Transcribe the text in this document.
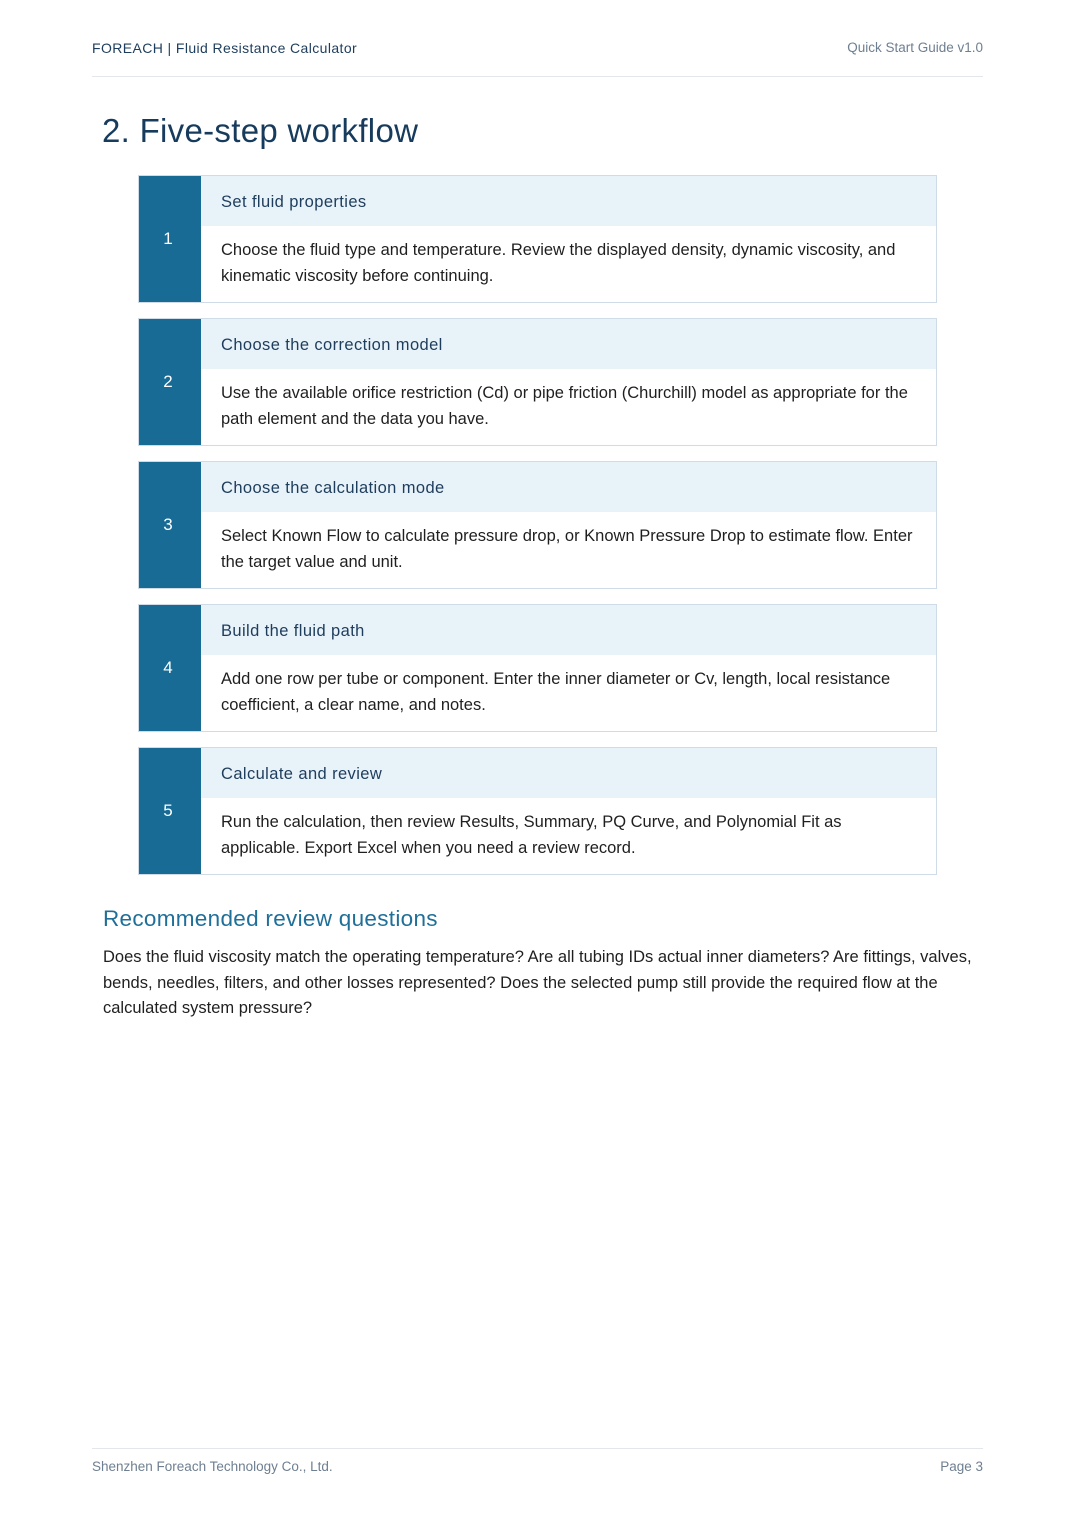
FOREACH | Fluid Resistance Calculator	Quick Start Guide v1.0
2. Five-step workflow
1
Set fluid properties
Choose the fluid type and temperature. Review the displayed density, dynamic viscosity, and kinematic viscosity before continuing.
2
Choose the correction model
Use the available orifice restriction (Cd) or pipe friction (Churchill) model as appropriate for the path element and the data you have.
3
Choose the calculation mode
Select Known Flow to calculate pressure drop, or Known Pressure Drop to estimate flow. Enter the target value and unit.
4
Build the fluid path
Add one row per tube or component. Enter the inner diameter or Cv, length, local resistance coefficient, a clear name, and notes.
5
Calculate and review
Run the calculation, then review Results, Summary, PQ Curve, and Polynomial Fit as applicable. Export Excel when you need a review record.
Recommended review questions

Does the fluid viscosity match the operating temperature? Are all tubing IDs actual inner diameters? Are fittings, valves, bends, needles, filters, and other losses represented? Does the selected pump still provide the required flow at the calculated system pressure?

Shenzhen Foreach Technology Co., Ltd.	Page 3
